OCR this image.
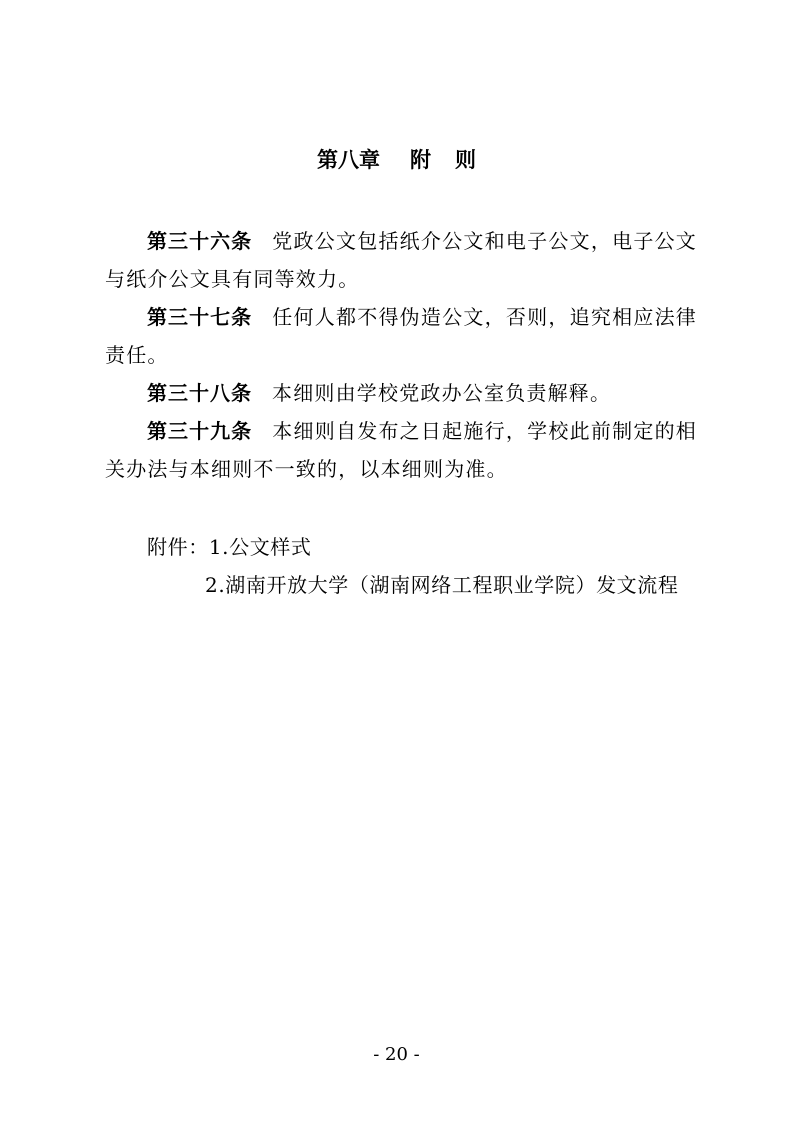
第八章 附 则

第三十六条 党政公文包括纸介公文和电子公文，电子公文与纸介公文具有同等效力。

第三十七条 任何人都不得伪造公文，否则，追究相应法律责任。

第三十八条 本细则由学校党政办公室负责解释。

第三十九条 本细则自发布之日起施行，学校此前制定的相关办法与本细则不一致的，以本细则为准。

附件：1.公文样式
2.湖南开放大学（湖南网络工程职业学院）发文流程
- 20 -
